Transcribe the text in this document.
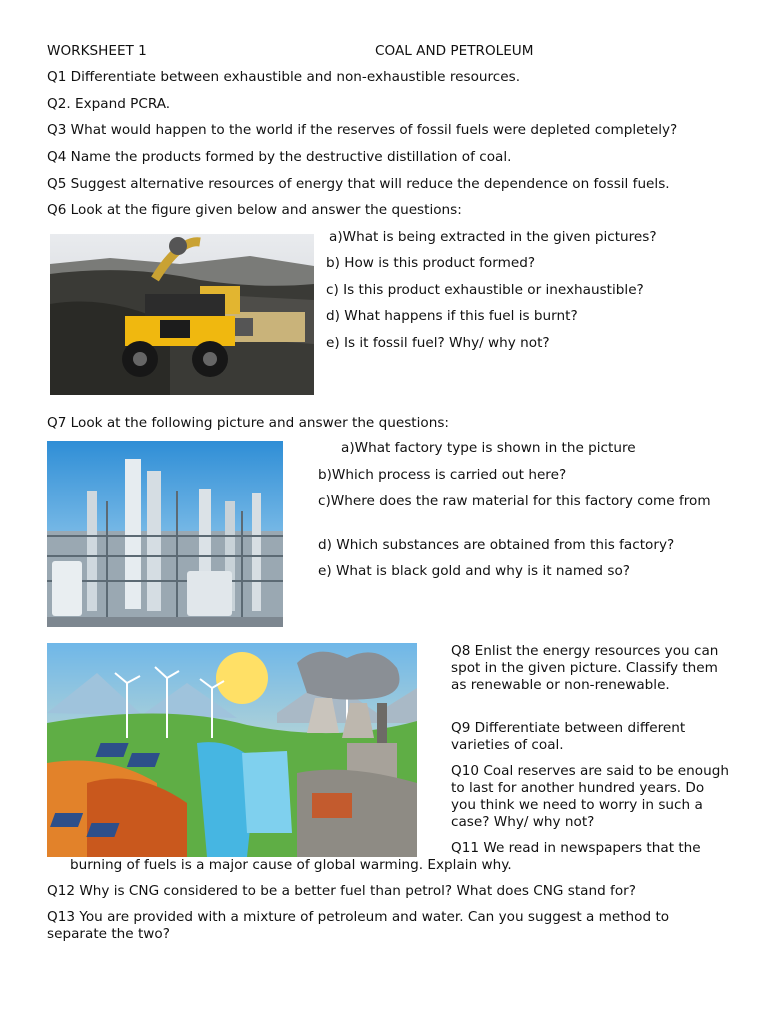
WORKSHEET 1	COAL AND PETROLEUM
Q1 Differentiate between exhaustible and non-exhaustible resources.
Q2. Expand PCRA.
Q3 What would happen to the world if the reserves of fossil fuels were depleted completely?
Q4 Name the products formed by the destructive distillation of coal.
Q5 Suggest alternative resources of energy that will reduce the dependence on fossil fuels.
Q6 Look at the figure given below and answer the questions:
a)What is being extracted in the given pictures?
b) How is this product formed?
c) Is this product exhaustible or inexhaustible?
d) What happens if this fuel is burnt?
e) Is it fossil fuel? Why/ why not?
Q7 Look at the following picture and answer the questions:
a)What factory type is shown in the picture
b)Which process is carried out here?
c)Where does the raw material for this factory come from
d) Which substances are obtained from this factory?
e) What is black gold and why is it named so?
Q8 Enlist the energy resources you can spot in the given picture. Classify them as renewable or non-renewable.
Q9 Differentiate between different varieties of coal.
Q10 Coal reserves are said to be enough to last for another hundred years. Do you think we need to worry in such a case? Why/ why not?
Q11 We read in newspapers that the
burning of fuels is a major cause of global warming. Explain why.
Q12 Why is CNG considered to be a better fuel than petrol? What does CNG stand for?
Q13 You are provided with a mixture of petroleum and water. Can you suggest a method to separate the two?
